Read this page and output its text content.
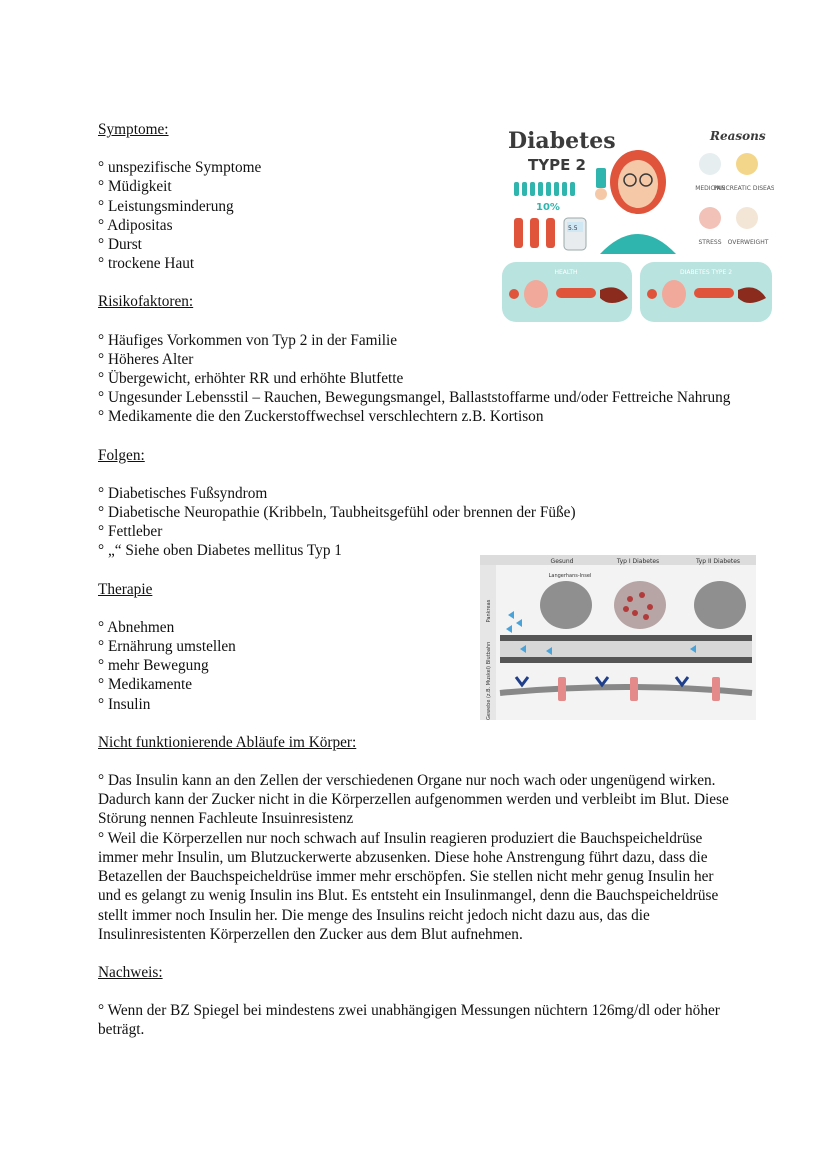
Symptome:

° unspezifische Symptome
° Müdigkeit
° Leistungsminderung
° Adipositas
° Durst
° trockene Haut

Risikofaktoren:

° Häufiges Vorkommen von Typ 2 in der Familie
° Höheres Alter
° Übergewicht, erhöhter RR und erhöhte Blutfette
° Ungesunder Lebensstil – Rauchen, Bewegungsmangel, Ballaststoffarme und/oder Fettreiche Nahrung
° Medikamente die den Zuckerstoffwechsel verschlechtern z.B. Kortison

Folgen:

° Diabetisches Fußsyndrom
° Diabetische Neuropathie (Kribbeln, Taubheitsgefühl oder brennen der Füße)
° Fettleber
° „“ Siehe oben Diabetes mellitus Typ 1

Therapie

° Abnehmen
° Ernährung umstellen
° mehr Bewegung
° Medikamente
° Insulin

Nicht funktionierende Abläufe im Körper:

° Das Insulin kann an den Zellen der verschiedenen Organe nur noch wach oder ungenügend wirken. Dadurch kann der Zucker nicht in die Körperzellen aufgenommen werden und verbleibt im Blut. Diese Störung nennen Fachleute Insuinresistenz

° Weil die Körperzellen nur noch schwach auf Insulin reagieren produziert die Bauchspeicheldrüse immer mehr Insulin, um Blutzuckerwerte abzusenken. Diese hohe Anstrengung führt dazu, dass die Betazellen der Bauchspeicheldrüse immer mehr erschöpfen. Sie stellen nicht mehr genug Insulin her und es gelangt zu wenig Insulin ins Blut. Es entsteht ein Insulinmangel, denn die Bauchspeicheldrüse stellt immer noch Insulin her. Die menge des Insulins reicht jedoch nicht dazu aus, das die Insulinresistenten Körperzellen den Zucker aus dem Blut aufnehmen.

Nachweis:

° Wenn der BZ Spiegel bei mindestens zwei unabhängigen Messungen nüchtern 126mg/dl oder höher beträgt.

Diabetes
TYPE 2
10%
5.5
Reasons
MEDICINE
PANCREATIC DISEAS
STRESS OVERWEIGHT
HEALTH	DIABETES TYPE 2
Gesund	Typ I Diabetes	Typ II Diabetes
Pankreas
Blutbahn
Gewebe (z.B. Muskel)
Langerhans-Insel
